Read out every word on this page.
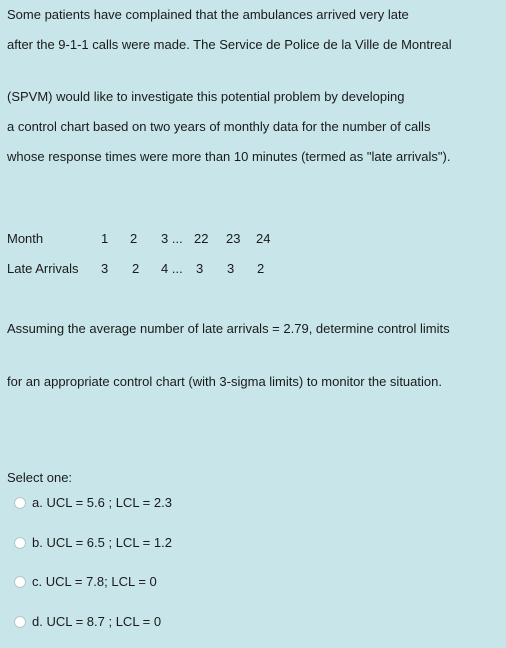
Some patients have complained that the ambulances arrived very late
after the 9-1-1 calls were made. The Service de Police de la Ville de Montreal
(SPVM) would like to investigate this potential problem by developing
a control chart based on two years of monthly data for the number of calls
whose response times were more than 10 minutes (termed as "late arrivals").
Month	1 2 3 ... 22 23 24
Late Arrivals 3 2 4 ... 3 3 2
Assuming the average number of late arrivals = 2.79, determine control limits
for an appropriate control chart (with 3-sigma limits) to monitor the situation.
Select one:
a. UCL = 5.6 ; LCL = 2.3
b. UCL = 6.5 ; LCL = 1.2
c. UCL = 7.8; LCL = 0
d. UCL = 8.7 ; LCL = 0
